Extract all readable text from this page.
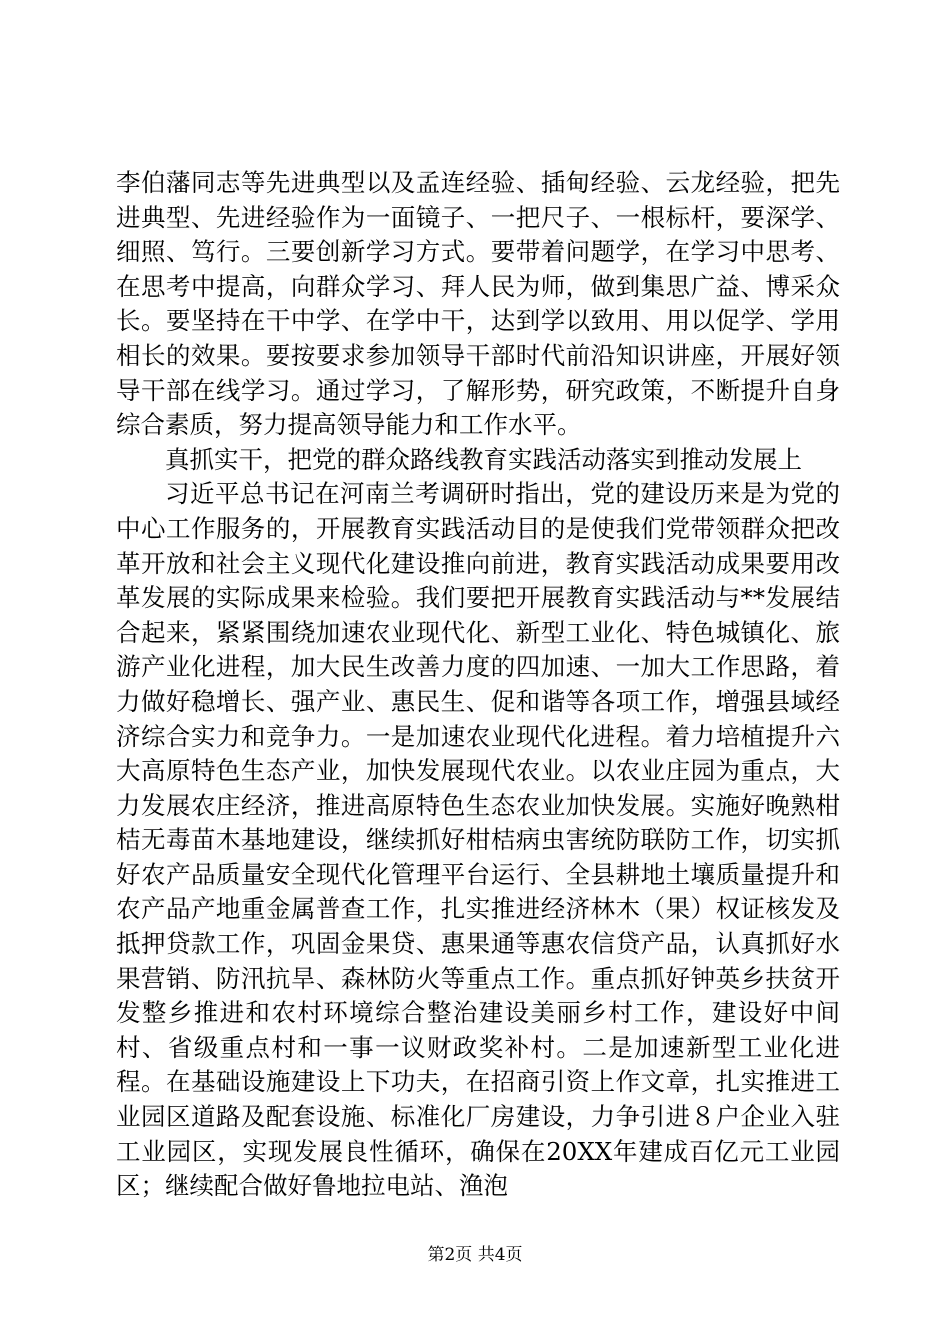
李伯藩同志等先进典型以及孟连经验、插甸经验、云龙经验，把先进典型、先进经验作为一面镜子、一把尺子、一根标杆，要深学、细照、笃行。三要创新学习方式。要带着问题学，在学习中思考、在思考中提高，向群众学习、拜人民为师，做到集思广益、博采众长。要坚持在干中学、在学中干，达到学以致用、用以促学、学用相长的效果。要按要求参加领导干部时代前沿知识讲座，开展好领导干部在线学习。通过学习，了解形势，研究政策，不断提升自身综合素质，努力提高领导能力和工作水平。

真抓实干，把党的群众路线教育实践活动落实到推动发展上

习近平总书记在河南兰考调研时指出，党的建设历来是为党的中心工作服务的，开展教育实践活动目的是使我们党带领群众把改革开放和社会主义现代化建设推向前进，教育实践活动成果要用改革发展的实际成果来检验。我们要把开展教育实践活动与**发展结合起来，紧紧围绕加速农业现代化、新型工业化、特色城镇化、旅游产业化进程，加大民生改善力度的四加速、一加大工作思路，着力做好稳增长、强产业、惠民生、促和谐等各项工作，增强县域经济综合实力和竞争力。一是加速农业现代化进程。着力培植提升六大高原特色生态产业，加快发展现代农业。以农业庄园为重点，大力发展农庄经济，推进高原特色生态农业加快发展。实施好晚熟柑桔无毒苗木基地建设，继续抓好柑桔病虫害统防联防工作，切实抓好农产品质量安全现代化管理平台运行、全县耕地土壤质量提升和农产品产地重金属普查工作，扎实推进经济林木（果）权证核发及抵押贷款工作，巩固金果贷、惠果通等惠农信贷产品，认真抓好水果营销、防汛抗旱、森林防火等重点工作。重点抓好钟英乡扶贫开发整乡推进和农村环境综合整治建设美丽乡村工作，建设好中间村、省级重点村和一事一议财政奖补村。二是加速新型工业化进程。在基础设施建设上下功夫，在招商引资上作文章，扎实推进工业园区道路及配套设施、标准化厂房建设，力争引进８户企业入驻工业园区，实现发展良性循环，确保在20XX年建成百亿元工业园区；继续配合做好鲁地拉电站、渔泡

第2页 共4页
